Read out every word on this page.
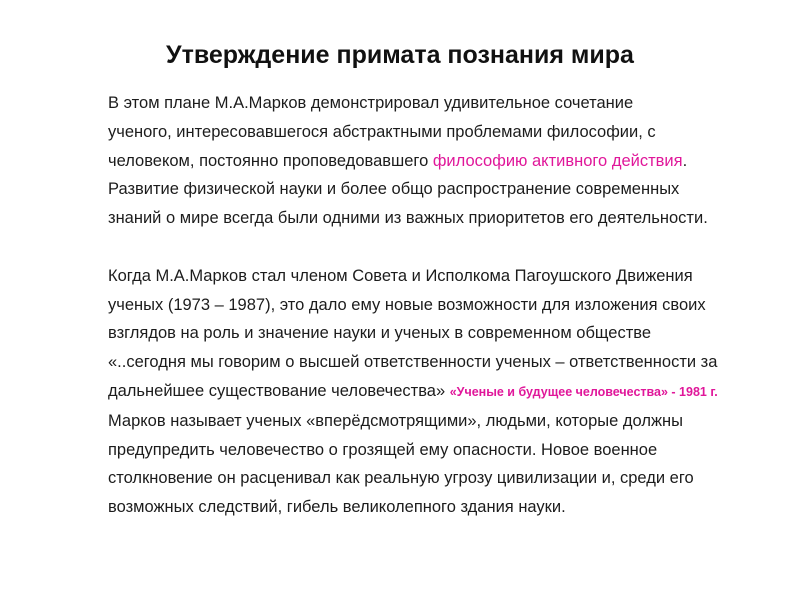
Утверждение примата познания мира
В этом плане М.А.Марков демонстрировал удивительное сочетание
ученого, интересовавшегося абстрактными проблемами философии, с
человеком, постоянно проповедовавшего философию активного действия.
Развитие физической науки и более общо распространение современных
знаний о мире всегда были одними из важных приоритетов его деятельности.
Когда М.А.Марков стал членом Совета и Исполкома Пагоушского Движения
ученых (1973 – 1987), это дало ему новые возможности для изложения своих
взглядов на роль и значение науки и ученых в современном обществе
«..сегодня мы говорим о высшей ответственности ученых – ответственности за
дальнейшее существование человечества» «Ученые и будущее человечества» - 1981 г.
Марков называет ученых «вперёдсмотрящими», людьми, которые должны
предупредить человечество о грозящей ему опасности. Новое военное
столкновение он расценивал как реальную угрозу цивилизации и, среди его
возможных следствий, гибель великолепного здания науки.
